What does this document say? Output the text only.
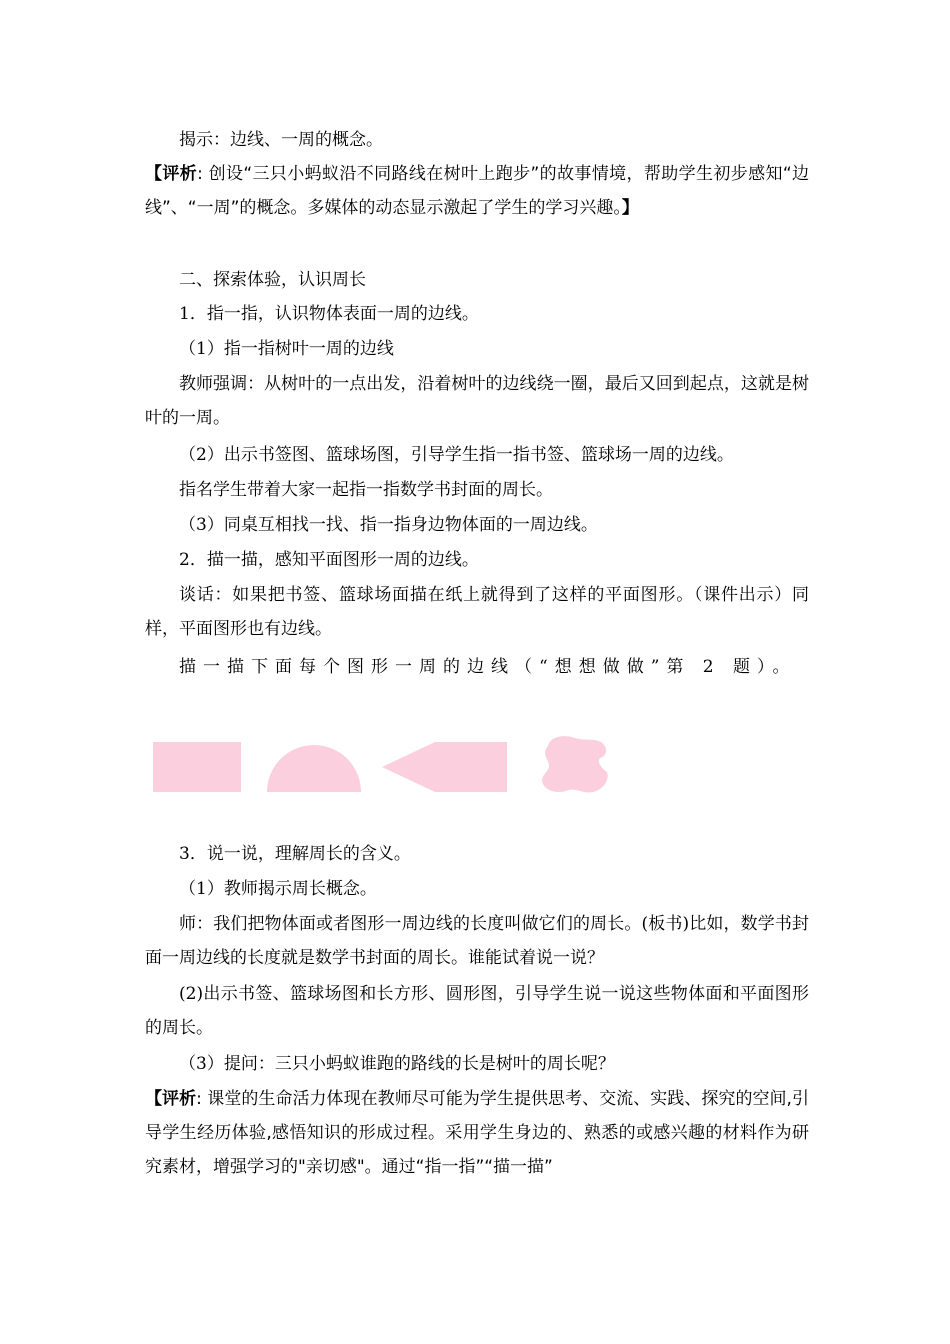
揭示：边线、一周的概念。

【评析: 创设“三只小蚂蚁沿不同路线在树叶上跑步”的故事情境，帮助学生初步感知“边线”、“一周”的概念。多媒体的动态显示激起了学生的学习兴趣。】

二、探索体验，认识周长

1．指一指，认识物体表面一周的边线。

（1）指一指树叶一周的边线

教师强调：从树叶的一点出发，沿着树叶的边线绕一圈，最后又回到起点，这就是树叶的一周。

（2）出示书签图、篮球场图，引导学生指一指书签、篮球场一周的边线。

指名学生带着大家一起指一指数学书封面的周长。

（3）同桌互相找一找、指一指身边物体面的一周边线。

2．描一描，感知平面图形一周的边线。

谈话：如果把书签、篮球场面描在纸上就得到了这样的平面图形。（课件出示）同样，平面图形也有边线。

描一描下面每个图形一周的边线（“想想做做”第 2 题）。

3．说一说，理解周长的含义。

（1）教师揭示周长概念。

师：我们把物体面或者图形一周边线的长度叫做它们的周长。(板书)比如，数学书封面一周边线的长度就是数学书封面的周长。谁能试着说一说？

(2)出示书签、篮球场图和长方形、圆形图，引导学生说一说这些物体面和平面图形的周长。

（3）提问：三只小蚂蚁谁跑的路线的长是树叶的周长呢？

【评析: 课堂的生命活力体现在教师尽可能为学生提供思考、交流、实践、探究的空间,引导学生经历体验,感悟知识的形成过程。采用学生身边的、熟悉的或感兴趣的材料作为研究素材，增强学习的"亲切感"。通过“指一指”“描一描”
